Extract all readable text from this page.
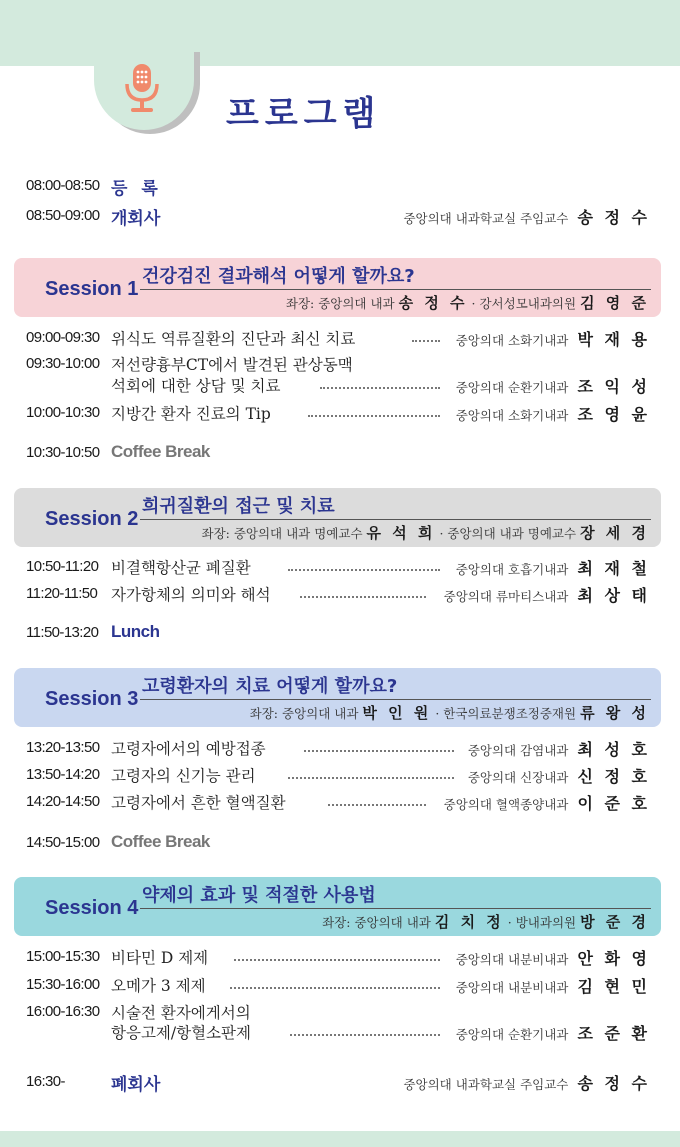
프로그램
08:00-08:50 등 록
08:50-09:00 개회사	중앙의대 내과학교실 주임교수 송 정 수
Session 1
건강검진 결과해석 어떻게 할까요?
좌장: 중앙의대 내과 송 정 수 · 강서성모내과의원 김 영 준
09:00-09:30 위식도 역류질환의 진단과 최신 치료	중앙의대 소화기내과 박 재 용
09:30-10:00 저선량흉부CT에서 발견된 관상동맥
석회에 대한 상담 및 치료	중앙의대 순환기내과 조 익 성
10:00-10:30 지방간 환자 진료의 Tip	중앙의대 소화기내과 조 영 윤
10:30-10:50 Coffee Break
Session 2
희귀질환의 접근 및 치료
좌장: 중앙의대 내과 명예교수 유 석 희 · 중앙의대 내과 명예교수 장 세 경
10:50-11:20 비결핵항산균 폐질환	중앙의대 호흡기내과 최 재 철
11:20-11:50 자가항체의 의미와 해석	중앙의대 류마티스내과 최 상 태
11:50-13:20 Lunch
Session 3
고령환자의 치료 어떻게 할까요?
좌장: 중앙의대 내과 박 인 원 · 한국의료분쟁조정중재원 류 왕 성
13:20-13:50 고령자에서의 예방접종	중앙의대 감염내과 최 성 호
13:50-14:20 고령자의 신기능 관리	중앙의대 신장내과 신 정 호
14:20-14:50 고령자에서 흔한 혈액질환	중앙의대 혈액종양내과 이 준 호
14:50-15:00 Coffee Break
Session 4
약제의 효과 및 적절한 사용법
좌장: 중앙의대 내과 김 치 정 · 방내과의원 방 준 경
15:00-15:30 비타민 D 제제	중앙의대 내분비내과 안 화 영
15:30-16:00 오메가 3 제제	중앙의대 내분비내과 김 현 민
16:00-16:30 시술전 환자에게서의
항응고제/항혈소판제	중앙의대 순환기내과 조 준 환
16:30-	폐회사	중앙의대 내과학교실 주임교수 송 정 수
